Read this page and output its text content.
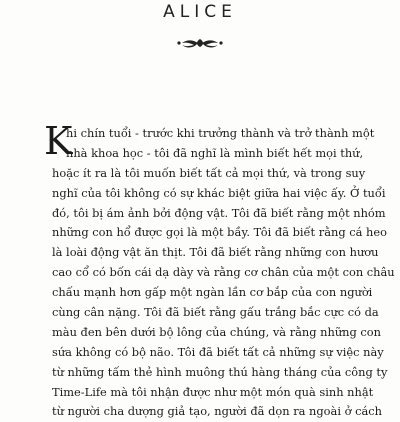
ALICE
K
hi chín tuổi - trước khi trưởng thành và trở thành một
nhà khoa học - tôi đã nghĩ là mình biết hết mọi thứ,
hoặc ít ra là tôi muốn biết tất cả mọi thứ, và trong suy
nghĩ của tôi không có sự khác biệt giữa hai việc ấy. Ở tuổi
đó, tôi bị ám ảnh bởi động vật. Tôi đã biết rằng một nhóm
những con hổ được gọi là một bầy. Tôi đã biết rằng cá heo
là loài động vật ăn thịt. Tôi đã biết rằng những con hươu
cao cổ có bốn cái dạ dày và rằng cơ chân của một con châu
chấu mạnh hơn gấp một ngàn lần cơ bắp của con người
cùng cân nặng. Tôi đã biết rằng gấu trắng bắc cực có da
màu đen bên dưới bộ lông của chúng, và rằng những con
sứa không có bộ não. Tôi đã biết tất cả những sự việc này
từ những tấm thẻ hình muông thú hàng tháng của công ty
Time-Life mà tôi nhận được như một món quà sinh nhật
từ người cha dượng giả tạo, người đã dọn ra ngoài ở cách
